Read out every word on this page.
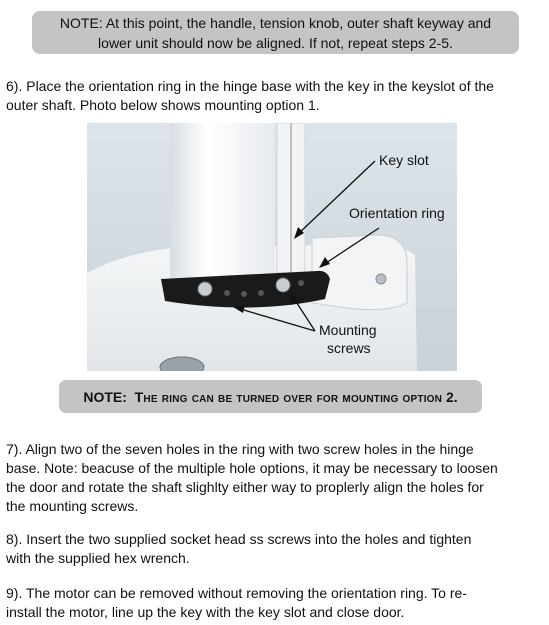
NOTE: At this point, the handle, tension knob, outer shaft keyway and
lower unit should now be aligned. If not, repeat steps 2-5.
6). Place the orientation ring in the hinge base with the key in the keyslot of the
outer shaft. Photo below shows mounting option 1.
Key slot
Orientation ring
Mounting
screws
NOTE:
The ring can be turned over for mounting option
2.
7). Align two of the seven holes in the ring with two screw holes in the hinge
base. Note: beacuse of the multiple hole options, it may be necessary to loosen
the door and rotate the shaft slighlty either way to proplerly align the holes for
the mounting screws.
8). Insert the two supplied socket head ss screws into the holes and tighten
with the supplied hex wrench.
9). The motor can be removed without removing the orientation ring. To re-
install the motor, line up the key with the key slot and close door.
